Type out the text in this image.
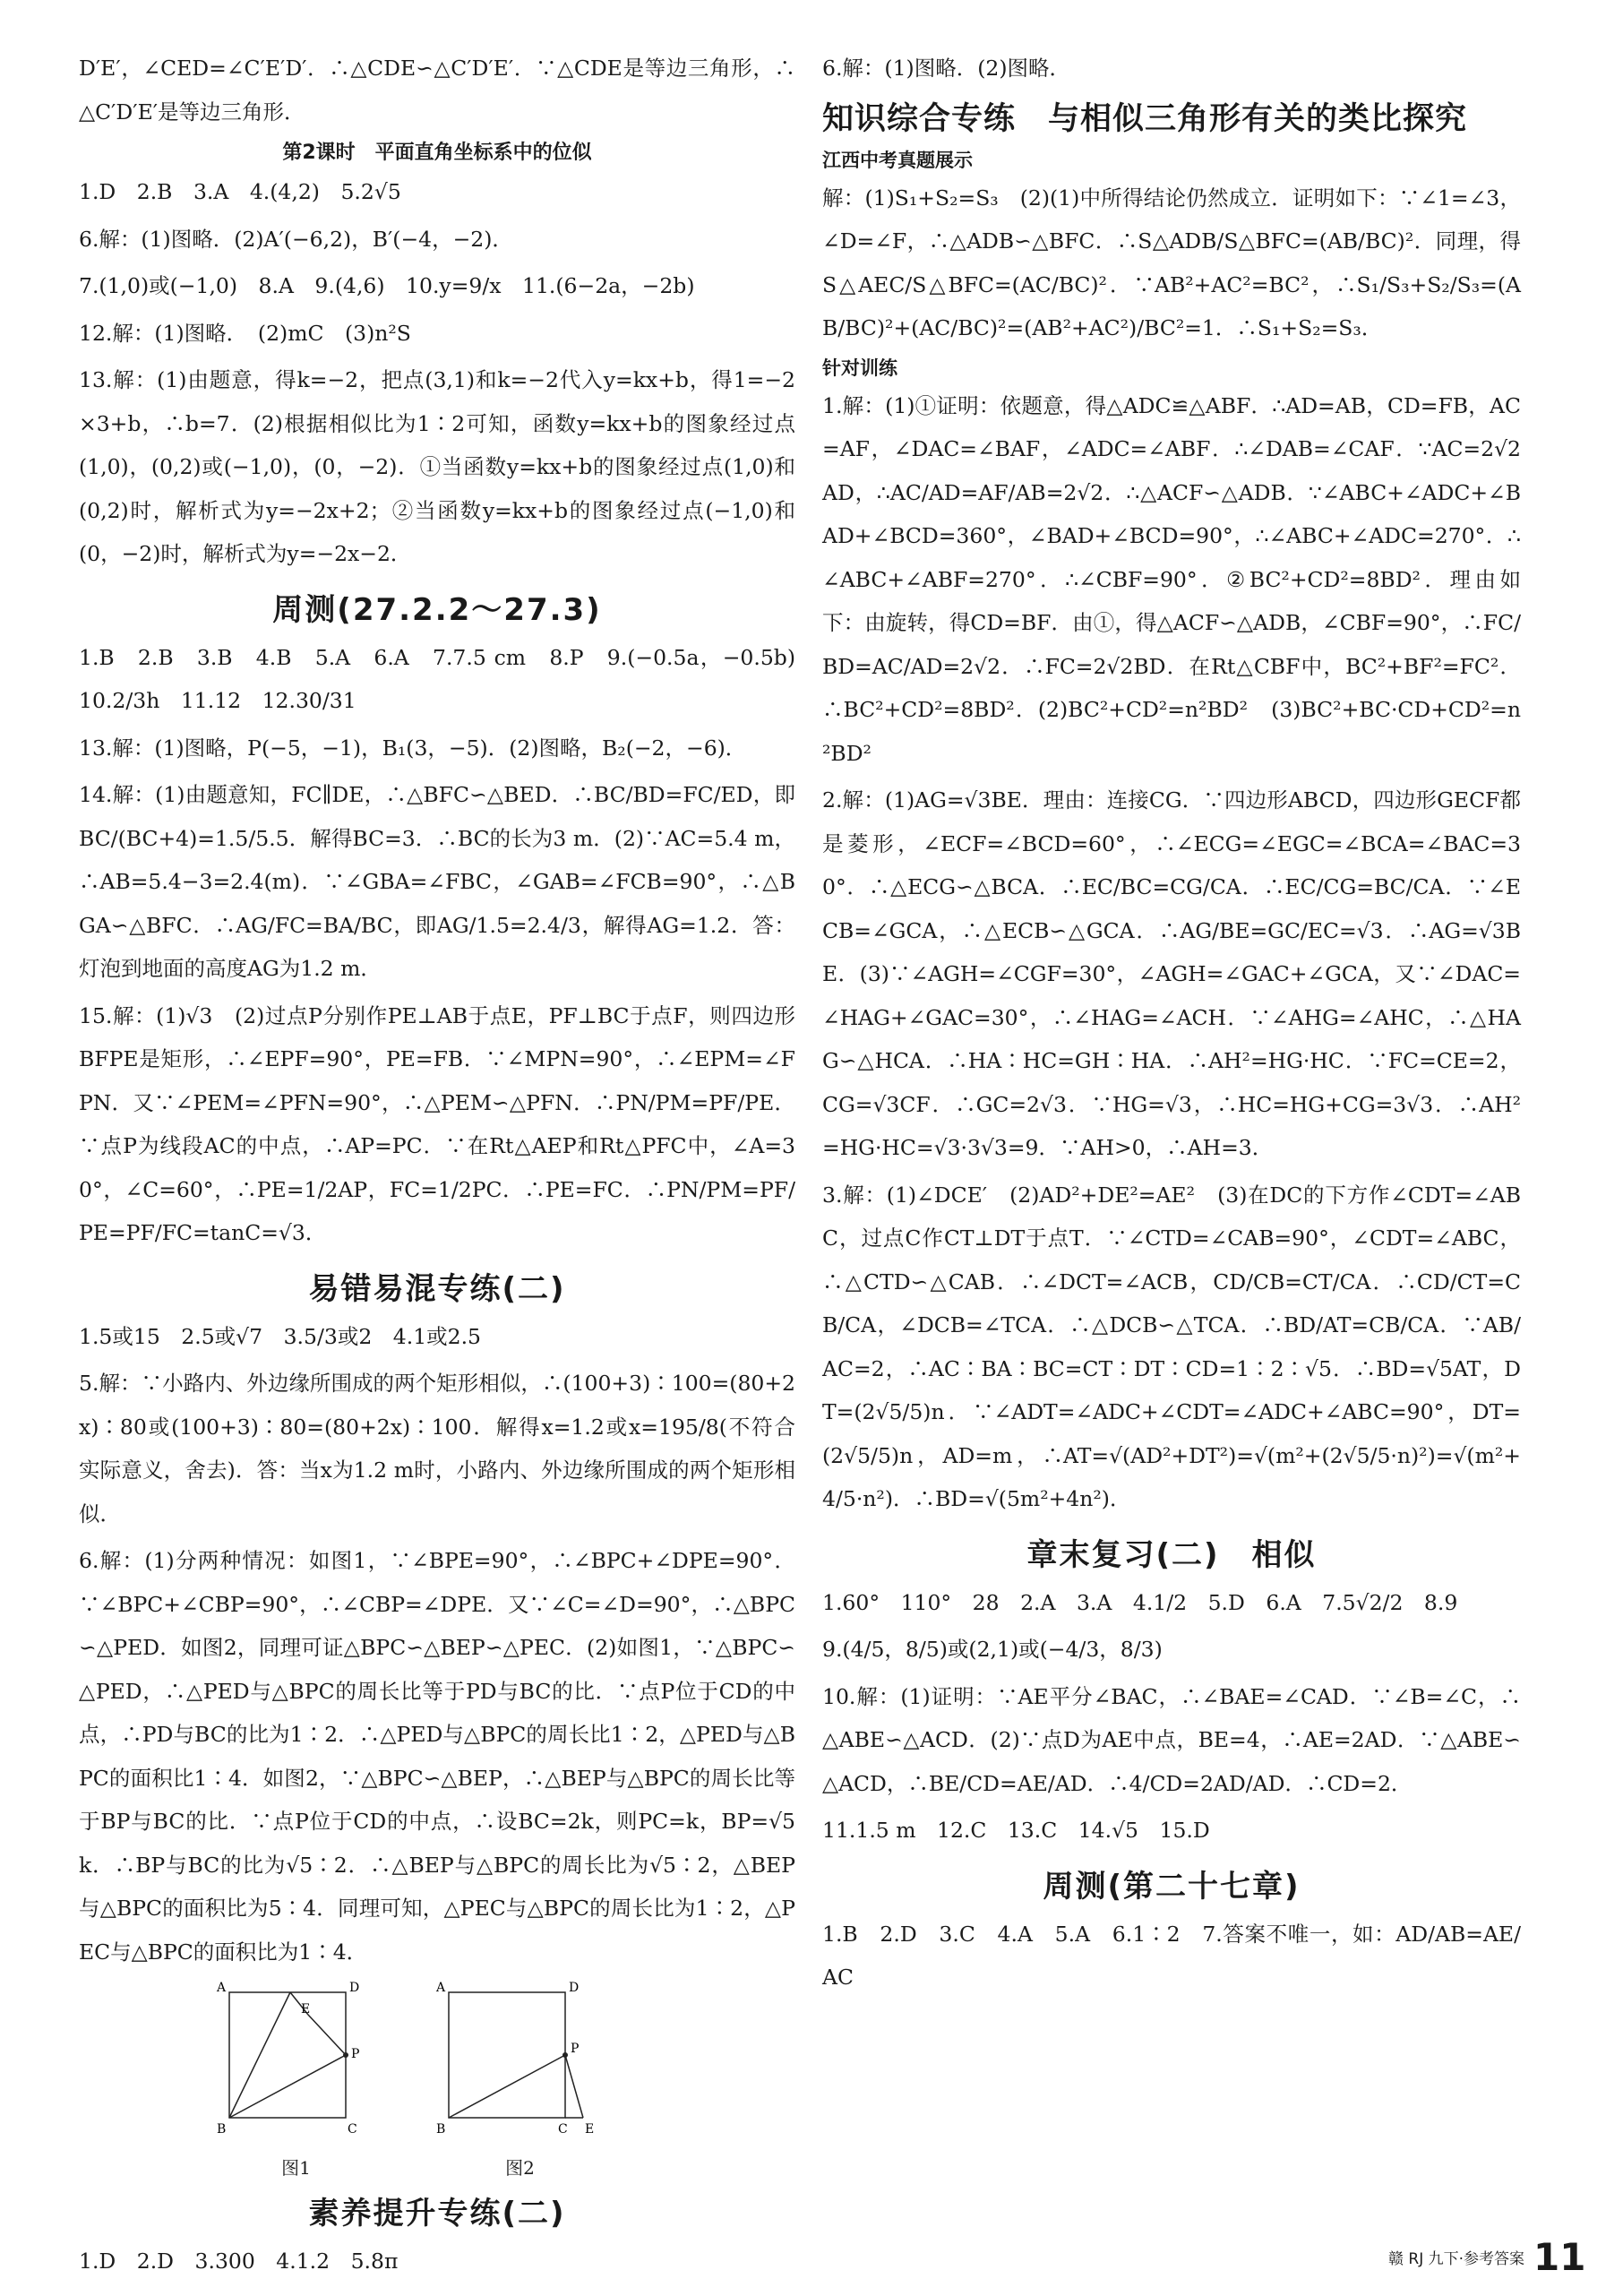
D′E′，∠CED=∠C′E′D′．∴△CDE∽△C′D′E′．∵△CDE是等边三角形，∴△C′D′E′是等边三角形．

第2课时　平面直角坐标系中的位似

1.D　2.B　3.A　4.(4,2)　5.2√5

6.解：(1)图略．(2)A′(−6,2)，B′(−4，−2)．

7.(1,0)或(−1,0)　8.A　9.(4,6)　10.y=9/x　11.(6−2a，−2b)

12.解：(1)图略．　(2)mC　(3)n²S

13.解：(1)由题意，得k=−2，把点(3,1)和k=−2代入y=kx+b，得1=−2×3+b，∴b=7．(2)根据相似比为1∶2可知，函数y=kx+b的图象经过点(1,0)，(0,2)或(−1,0)，(0，−2)．①当函数y=kx+b的图象经过点(1,0)和(0,2)时，解析式为y=−2x+2；②当函数y=kx+b的图象经过点(−1,0)和(0，−2)时，解析式为y=−2x−2．

周测(27.2.2～27.3)

1.B　2.B　3.B　4.B　5.A　6.A　7.7.5 cm　8.P　9.(−0.5a，−0.5b)　10.2/3h　11.12　12.30/31

13.解：(1)图略，P(−5，−1)，B₁(3，−5)．(2)图略，B₂(−2，−6)．

14.解：(1)由题意知，FC∥DE，∴△BFC∽△BED．∴BC/BD=FC/ED，即BC/(BC+4)=1.5/5.5．解得BC=3．∴BC的长为3 m．(2)∵AC=5.4 m，∴AB=5.4−3=2.4(m)．∵∠GBA=∠FBC，∠GAB=∠FCB=90°，∴△BGA∽△BFC．∴AG/FC=BA/BC，即AG/1.5=2.4/3，解得AG=1.2．答：灯泡到地面的高度AG为1.2 m．

15.解：(1)√3　(2)过点P分别作PE⊥AB于点E，PF⊥BC于点F，则四边形BFPE是矩形，∴∠EPF=90°，PE=FB．∵∠MPN=90°，∴∠EPM=∠FPN．又∵∠PEM=∠PFN=90°，∴△PEM∽△PFN．∴PN/PM=PF/PE．∵点P为线段AC的中点，∴AP=PC．∵在Rt△AEP和Rt△PFC中，∠A=30°，∠C=60°，∴PE=1/2AP，FC=1/2PC．∴PE=FC．∴PN/PM=PF/PE=PF/FC=tanC=√3．

易错易混专练(二)

1.5或15　2.5或√7　3.5/3或2　4.1或2.5

5.解：∵小路内、外边缘所围成的两个矩形相似，∴(100+3)∶100=(80+2x)∶80或(100+3)∶80=(80+2x)∶100．解得x=1.2或x=195/8(不符合实际意义，舍去)．答：当x为1.2 m时，小路内、外边缘所围成的两个矩形相似．

6.解：(1)分两种情况：如图1，∵∠BPE=90°，∴∠BPC+∠DPE=90°．∵∠BPC+∠CBP=90°，∴∠CBP=∠DPE．又∵∠C=∠D=90°，∴△BPC∽△PED．如图2，同理可证△BPC∽△BEP∽△PEC．(2)如图1，∵△BPC∽△PED，∴△PED与△BPC的周长比等于PD与BC的比．∵点P位于CD的中点，∴PD与BC的比为1∶2．∴△PED与△BPC的周长比1∶2，△PED与△BPC的面积比1∶4．如图2，∵△BPC∽△BEP，∴△BEP与△BPC的周长比等于BP与BC的比．∵点P位于CD的中点，∴设BC=2k，则PC=k，BP=√5k．∴BP与BC的比为√5∶2．∴△BEP与△BPC的周长比为√5∶2，△BEP与△BPC的面积比为5∶4．同理可知，△PEC与△BPC的周长比为1∶2，△PEC与△BPC的面积比为1∶4．

A	D
B	C
E
P
图1
A	D
B	C E
P
图2
素养提升专练(二)

1.D　2.D　3.300　4.1.2　5.8π

6.解：(1)图略．(2)图略．

知识综合专练　与相似三角形有关的类比探究
江西中考真题展示

解：(1)S₁+S₂=S₃　(2)(1)中所得结论仍然成立．证明如下：∵∠1=∠3，∠D=∠F，∴△ADB∽△BFC．∴S△ADB/S△BFC=(AB/BC)²．同理，得S△AEC/S△BFC=(AC/BC)²．∵AB²+AC²=BC²，∴S₁/S₃+S₂/S₃=(AB/BC)²+(AC/BC)²=(AB²+AC²)/BC²=1．∴S₁+S₂=S₃．

针对训练

1.解：(1)①证明：依题意，得△ADC≌△ABF．∴AD=AB，CD=FB，AC=AF，∠DAC=∠BAF，∠ADC=∠ABF．∴∠DAB=∠CAF．∵AC=2√2AD，∴AC/AD=AF/AB=2√2．∴△ACF∽△ADB．∵∠ABC+∠ADC+∠BAD+∠BCD=360°，∠BAD+∠BCD=90°，∴∠ABC+∠ADC=270°．∴∠ABC+∠ABF=270°．∴∠CBF=90°．②BC²+CD²=8BD²．理由如下：由旋转，得CD=BF．由①，得△ACF∽△ADB，∠CBF=90°，∴FC/BD=AC/AD=2√2．∴FC=2√2BD．在Rt△CBF中，BC²+BF²=FC²．∴BC²+CD²=8BD²．(2)BC²+CD²=n²BD²　(3)BC²+BC·CD+CD²=n²BD²

2.解：(1)AG=√3BE．理由：连接CG．∵四边形ABCD，四边形GECF都是菱形，∠ECF=∠BCD=60°，∴∠ECG=∠EGC=∠BCA=∠BAC=30°．∴△ECG∽△BCA．∴EC/BC=CG/CA．∴EC/CG=BC/CA．∵∠ECB=∠GCA，∴△ECB∽△GCA．∴AG/BE=GC/EC=√3．∴AG=√3BE．(3)∵∠AGH=∠CGF=30°，∠AGH=∠GAC+∠GCA，又∵∠DAC=∠HAG+∠GAC=30°，∴∠HAG=∠ACH．∵∠AHG=∠AHC，∴△HAG∽△HCA．∴HA∶HC=GH∶HA．∴AH²=HG·HC．∵FC=CE=2，CG=√3CF．∴GC=2√3．∵HG=√3，∴HC=HG+CG=3√3．∴AH²=HG·HC=√3·3√3=9．∵AH>0，∴AH=3．

3.解：(1)∠DCE′　(2)AD²+DE²=AE²　(3)在DC的下方作∠CDT=∠ABC，过点C作CT⊥DT于点T．∵∠CTD=∠CAB=90°，∠CDT=∠ABC，∴△CTD∽△CAB．∴∠DCT=∠ACB，CD/CB=CT/CA．∴CD/CT=CB/CA，∠DCB=∠TCA．∴△DCB∽△TCA．∴BD/AT=CB/CA．∵AB/AC=2，∴AC∶BA∶BC=CT∶DT∶CD=1∶2∶√5．∴BD=√5AT，DT=(2√5/5)n．∵∠ADT=∠ADC+∠CDT=∠ADC+∠ABC=90°，DT=(2√5/5)n，AD=m，∴AT=√(AD²+DT²)=√(m²+(2√5/5·n)²)=√(m²+4/5·n²)．∴BD=√(5m²+4n²)．

章末复习(二)　相似

1.60°　110°　28　2.A　3.A　4.1/2　5.D　6.A　7.5√2/2　8.9

9.(4/5，8/5)或(2,1)或(−4/3，8/3)

10.解：(1)证明：∵AE平分∠BAC，∴∠BAE=∠CAD．∵∠B=∠C，∴△ABE∽△ACD．(2)∵点D为AE中点，BE=4，∴AE=2AD．∵△ABE∽△ACD，∴BE/CD=AE/AD．∴4/CD=2AD/AD．∴CD=2．

11.1.5 m　12.C　13.C　14.√5　15.D

周测(第二十七章)

1.B　2.D　3.C　4.A　5.A　6.1∶2　7.答案不唯一，如：AD/AB=AE/AC

赣 RJ 九下·参考答案 11
